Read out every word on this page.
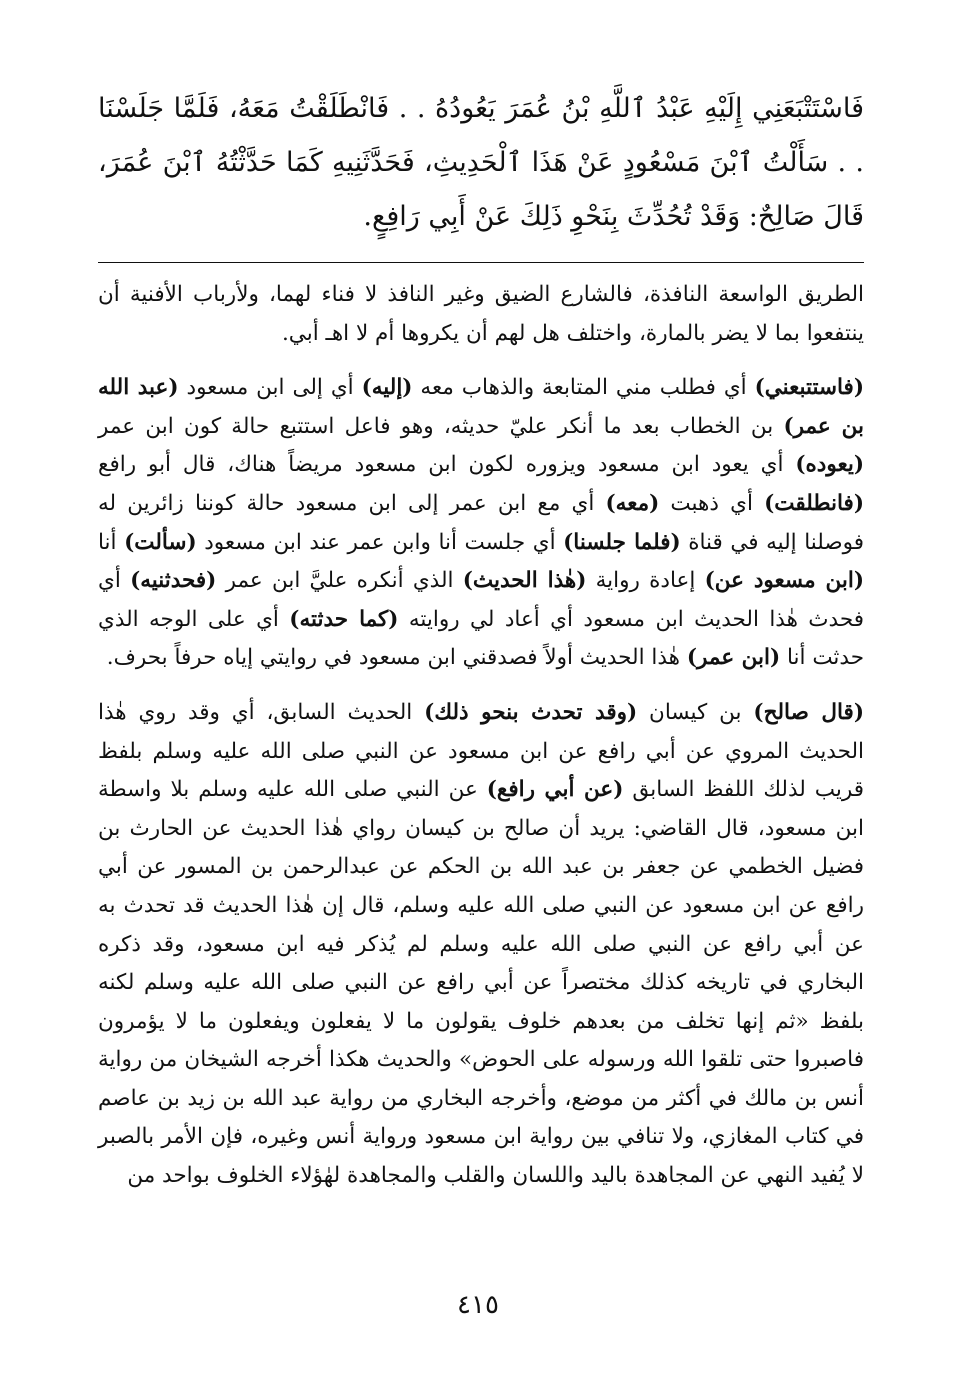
فَاسْتَتْبَعَنِي إِلَيْهِ عَبْدُ ٱللَّهِ بْنُ عُمَرَ يَعُودُهُ . . فَانْطَلَقْتُ مَعَهُ، فَلَمَّا جَلَسْنَا . . سَأَلْتُ ٱبْنَ مَسْعُودٍ عَنْ هَذَا ٱلْحَدِيثِ، فَحَدَّثَنِيهِ كَمَا حَدَّثْتُهُ ٱبْنَ عُمَرَ، قَالَ صَالِحٌ: وَقَدْ تُحُدِّثَ بِنَحْوِ ذَلِكَ عَنْ أَبِي رَافِعٍ.

الطريق الواسعة النافذة، فالشارع الضيق وغير النافذ لا فناء لهما، ولأرباب الأفنية أن ينتفعوا بما لا يضر بالمارة، واختلف هل لهم أن يكروها أم لا اهـ أبي.

(فاستتبعني) أي فطلب مني المتابعة والذهاب معه (إليه) أي إلى ابن مسعود (عبد الله بن عمر) بن الخطاب بعد ما أنكر عليّ حديثه، وهو فاعل استتبع حالة كون ابن عمر (يعوده) أي يعود ابن مسعود ويزوره لكون ابن مسعود مريضاً هناك، قال أبو رافع (فانطلقت) أي ذهبت (معه) أي مع ابن عمر إلى ابن مسعود حالة كوننا زائرين له فوصلنا إليه في قناة (فلما جلسنا) أي جلست أنا وابن عمر عند ابن مسعود (سألت) أنا (ابن مسعود عن) إعادة رواية (هٰذا الحديث) الذي أنكره عليَّ ابن عمر (فحدثنيه) أي فحدث هٰذا الحديث ابن مسعود أي أعاد لي روايته (كما حدثته) أي على الوجه الذي حدثت أنا (ابن عمر) هٰذا الحديث أولاً فصدقني ابن مسعود في روايتي إياه حرفاً بحرف.

(قال صالح) بن كيسان (وقد تحدث بنحو ذلك) الحديث السابق، أي وقد روي هٰذا الحديث المروي عن أبي رافع عن ابن مسعود عن النبي صلى الله عليه وسلم بلفظ قريب لذلك اللفظ السابق (عن أبي رافع) عن النبي صلى الله عليه وسلم بلا واسطة ابن مسعود، قال القاضي: يريد أن صالح بن كيسان رواي هٰذا الحديث عن الحارث بن فضيل الخطمي عن جعفر بن عبد الله بن الحكم عن عبدالرحمن بن المسور عن أبي رافع عن ابن مسعود عن النبي صلى الله عليه وسلم، قال إن هٰذا الحديث قد تحدث به عن أبي رافع عن النبي صلى الله عليه وسلم لم يُذكر فيه ابن مسعود، وقد ذكره البخاري في تاريخه كذلك مختصراً عن أبي رافع عن النبي صلى الله عليه وسلم لكنه بلفظ «ثم إنها تخلف من بعدهم خلوف يقولون ما لا يفعلون ويفعلون ما لا يؤمرون فاصبروا حتى تلقوا الله ورسوله على الحوض» والحديث هكذا أخرجه الشيخان من رواية أنس بن مالك في أكثر من موضع، وأخرجه البخاري من رواية عبد الله بن زيد بن عاصم في كتاب المغازي، ولا تنافي بين رواية ابن مسعود ورواية أنس وغيره، فإن الأمر بالصبر لا يُفيد النهي عن المجاهدة باليد واللسان والقلب والمجاهدة لهٰؤلاء الخلوف بواحد من

٤١٥
